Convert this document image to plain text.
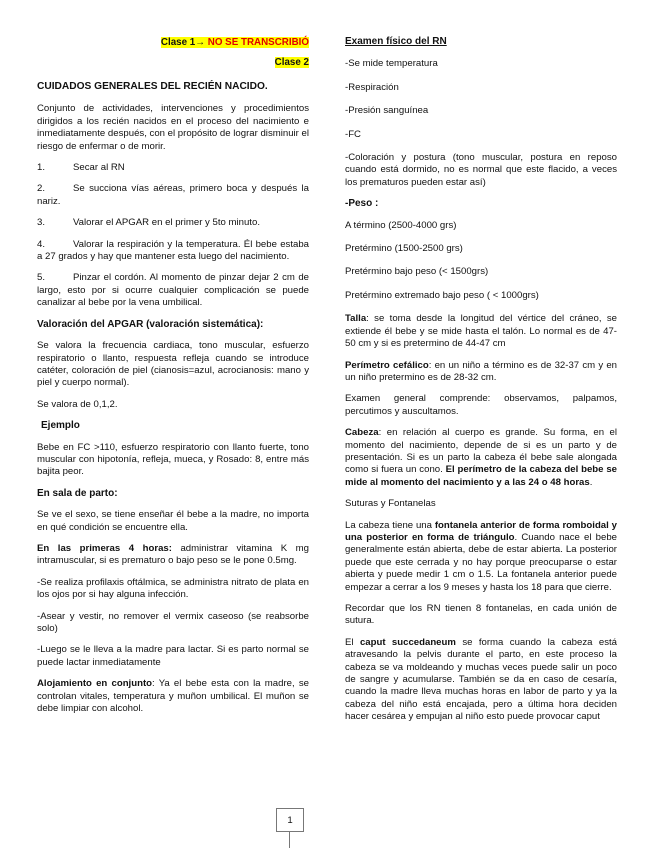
Clase 1→ NO SE TRANSCRIBIÓ

Clase 2

CUIDADOS GENERALES DEL RECIÉN NACIDO.

Conjunto de actividades, intervenciones y procedimientos dirigidos a los recién nacidos en el proceso del nacimiento e inmediatamente después, con el propósito de lograr disminuir el riesgo de enfermar o de morir.

1.	Secar al RN
2.	Se succiona vías aéreas, primero boca y después la nariz.
3.	Valorar el APGAR en el primer y 5to minuto.
4.	Valorar la respiración y la temperatura. Él bebe estaba a 27 grados y hay que mantener esta luego del nacimiento.
5.	Pinzar el cordón. Al momento de pinzar dejar 2 cm de largo, esto por si ocurre cualquier complicación se puede canalizar al bebe por la vena umbilical.

Valoración del APGAR (valoración sistemática):

Se valora la frecuencia cardiaca, tono muscular, esfuerzo respiratorio o llanto, respuesta refleja cuando se introduce catéter, coloración de piel (cianosis=azul, acrocianosis: mano y piel y cuerpo normal).

Se valora de 0,1,2.

Ejemplo

Bebe en FC >110, esfuerzo respiratorio con llanto fuerte, tono muscular con hipotonía, refleja, mueca, y Rosado: 8, entre más bajita peor.

En sala de parto:

Se ve el sexo, se tiene enseñar él bebe a la madre, no importa en qué condición se encuentre ella.

En las primeras 4 horas: administrar vitamina K mg intramuscular, si es prematuro o bajo peso se le pone 0.5mg.

-Se realiza profilaxis oftálmica, se administra nitrato de plata en los ojos por si hay alguna infección.

-Asear y vestir, no remover el vermix caseoso (se reabsorbe solo)

-Luego se le lleva a la madre para lactar. Si es parto normal se puede lactar inmediatamente

Alojamiento en conjunto: Ya el bebe esta con la madre, se controlan vitales, temperatura y muñon umbilical. El muñon se debe limpiar con alcohol.

Examen físico del RN

-Se mide temperatura

-Respiración

-Presión sanguínea

-FC

-Coloración y postura (tono muscular, postura en reposo cuando está dormido, no es normal que este flacido, a veces los prematuros pueden estar así)

-Peso :

A término (2500-4000 grs)

Pretérmino (1500-2500 grs)

Pretérmino bajo peso (< 1500grs)

Pretérmino extremado bajo peso ( < 1000grs)

Talla: se toma desde la longitud del vértice del cráneo, se extiende él bebe y se mide hasta el talón. Lo normal es de 47-50 cm y si es pretermino de 44-47 cm

Perímetro cefálico: en un niño a término es de 32-37 cm y en un niño pretermino es de 28-32 cm.

Examen general comprende: observamos, palpamos, percutimos y auscultamos.

Cabeza: en relación al cuerpo es grande. Su forma, en el momento del nacimiento, depende de si es un parto y de presentación. Si es un parto la cabeza él bebe sale alongada como si fuera un cono. El perímetro de la cabeza del bebe se mide al momento del nacimiento y a las 24 o 48 horas.

Suturas y Fontanelas

La cabeza tiene una fontanela anterior de forma romboidal y una posterior en forma de triángulo. Cuando nace el bebe generalmente están abierta, debe de estar abierta. La posterior puede que este cerrada y no hay porque preocuparse o estar abierta y puede medir 1 cm o 1.5. La fontanela anterior puede empezar a cerrar a los 9 meses y hasta los 18 para que cierre.

Recordar que los RN tienen 8 fontanelas, en cada unión de sutura.

El caput succedaneum se forma cuando la cabeza está atravesando la pelvis durante el parto, en este proceso la cabeza se va moldeando y muchas veces puede salir un poco de sangre y acumularse. También se da en caso de cesaría, cuando la madre lleva muchas horas en labor de parto y ya la cabeza del niño está encajada, pero a última hora deciden hacer cesárea y empujan al niño esto puede provocar caput

1
